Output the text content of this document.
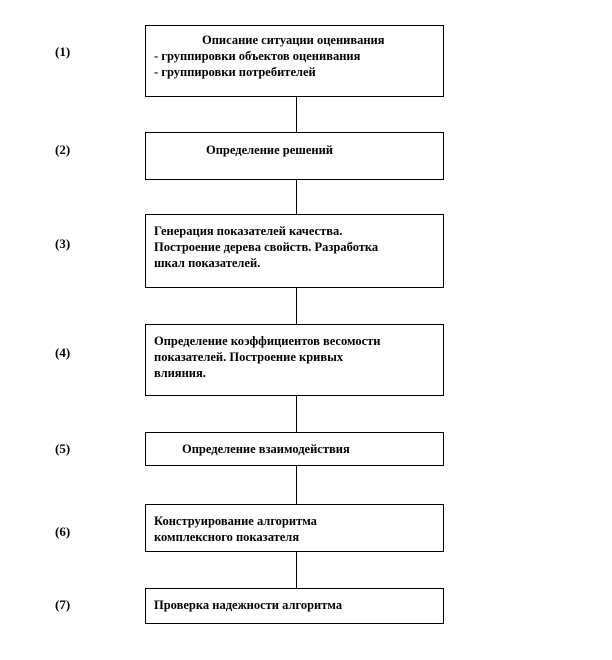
(1)
Описание ситуации оценивания
- группировки объектов оценивания
- группировки потребителей
(2)	Определение решений
(3)
Генерация показателей качества.
Построение дерева свойств. Разработка
шкал показателей.
(4)
Определение коэффициентов весомости
показателей. Построение кривых
влияния.
(5)	Определение взаимодействия
(6)
Конструирование алгоритма
комплексного показателя
(7)	Проверка надежности алгоритма
